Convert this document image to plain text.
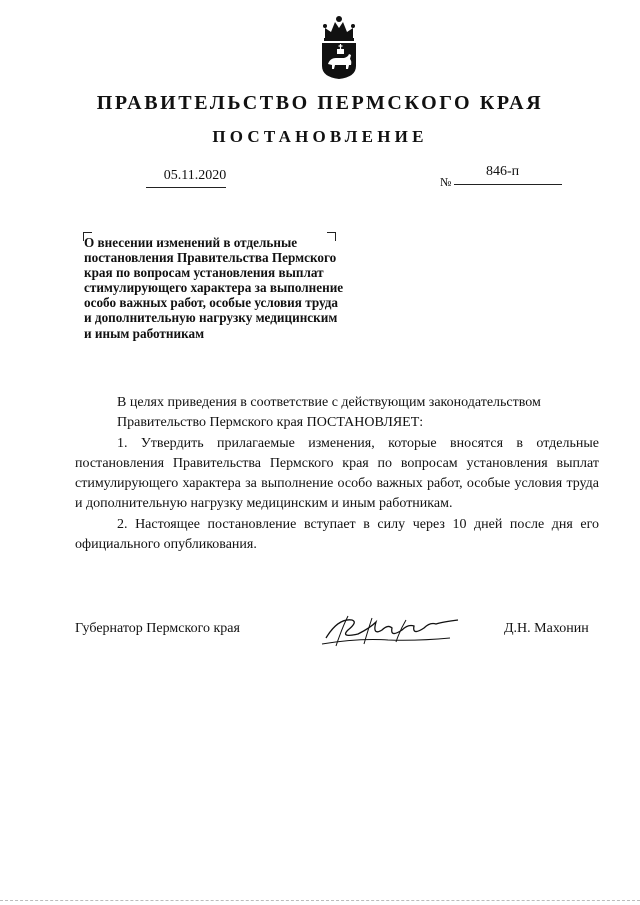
ПРАВИТЕЛЬСТВО ПЕРМСКОГО КРАЯ
ПОСТАНОВЛЕНИЕ
05.11.2020	№
846-п
О внесении изменений в отдельные
постановления Правительства Пермского
края по вопросам установления выплат
стимулирующего характера за выполнение
особо важных работ, особые условия труда
и дополнительную нагрузку медицинским
и иным работникам

В целях приведения в соответствие с действующим законодательством

Правительство Пермского края ПОСТАНОВЛЯЕТ:

1. Утвердить прилагаемые изменения, которые вносятся в отдельные постановления Правительства Пермского края по вопросам установления выплат стимулирующего характера за выполнение особо важных работ, особые условия труда и дополнительную нагрузку медицинским и иным работникам.

2. Настоящее постановление вступает в силу через 10 дней после дня его официального опубликования.

Губернатор Пермского края	Д.Н. Махонин
